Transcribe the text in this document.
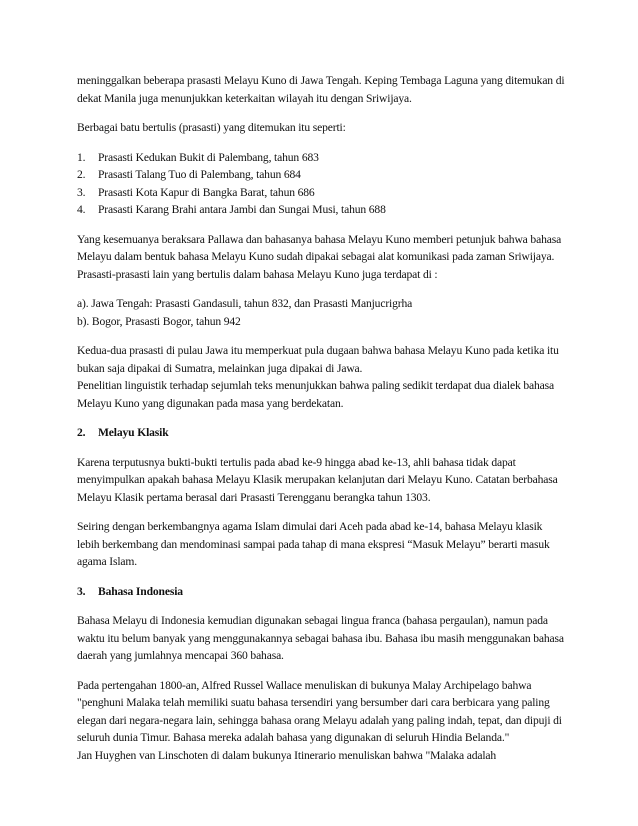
meninggalkan beberapa prasasti Melayu Kuno di Jawa Tengah. Keping Tembaga Laguna yang ditemukan di dekat Manila juga menunjukkan keterkaitan wilayah itu dengan Sriwijaya.

Berbagai batu bertulis (prasasti) yang ditemukan itu seperti:

1.	Prasasti Kedukan Bukit di Palembang, tahun 683
2.	Prasasti Talang Tuo di Palembang, tahun 684
3.	Prasasti Kota Kapur di Bangka Barat, tahun 686
4.	Prasasti Karang Brahi antara Jambi dan Sungai Musi, tahun 688

Yang kesemuanya beraksara Pallawa dan bahasanya bahasa Melayu Kuno memberi petunjuk bahwa bahasa Melayu dalam bentuk bahasa Melayu Kuno sudah dipakai sebagai alat komunikasi pada zaman Sriwijaya.

Prasasti-prasasti lain yang bertulis dalam bahasa Melayu Kuno juga terdapat di :

a). Jawa Tengah: Prasasti Gandasuli, tahun 832, dan Prasasti Manjucrigrha

b). Bogor, Prasasti Bogor, tahun 942

Kedua-dua prasasti di pulau Jawa itu memperkuat pula dugaan bahwa bahasa Melayu Kuno pada ketika itu bukan saja dipakai di Sumatra, melainkan juga dipakai di Jawa.

Penelitian linguistik terhadap sejumlah teks menunjukkan bahwa paling sedikit terdapat dua dialek bahasa Melayu Kuno yang digunakan pada masa yang berdekatan.

2.	Melayu Klasik

Karena terputusnya bukti-bukti tertulis pada abad ke-9 hingga abad ke-13, ahli bahasa tidak dapat menyimpulkan apakah bahasa Melayu Klasik merupakan kelanjutan dari Melayu Kuno. Catatan berbahasa Melayu Klasik pertama berasal dari Prasasti Terengganu berangka tahun 1303.

Seiring dengan berkembangnya agama Islam dimulai dari Aceh pada abad ke-14, bahasa Melayu klasik lebih berkembang dan mendominasi sampai pada tahap di mana ekspresi “Masuk Melayu” berarti masuk agama Islam.

3.	Bahasa Indonesia

Bahasa Melayu di Indonesia kemudian digunakan sebagai lingua franca (bahasa pergaulan), namun pada waktu itu belum banyak yang menggunakannya sebagai bahasa ibu. Bahasa ibu masih menggunakan bahasa daerah yang jumlahnya mencapai 360 bahasa.

Pada pertengahan 1800-an, Alfred Russel Wallace menuliskan di bukunya Malay Archipelago bahwa "penghuni Malaka telah memiliki suatu bahasa tersendiri yang bersumber dari cara berbicara yang paling elegan dari negara-negara lain, sehingga bahasa orang Melayu adalah yang paling indah, tepat, dan dipuji di seluruh dunia Timur. Bahasa mereka adalah bahasa yang digunakan di seluruh Hindia Belanda."

Jan Huyghen van Linschoten di dalam bukunya Itinerario menuliskan bahwa "Malaka adalah
